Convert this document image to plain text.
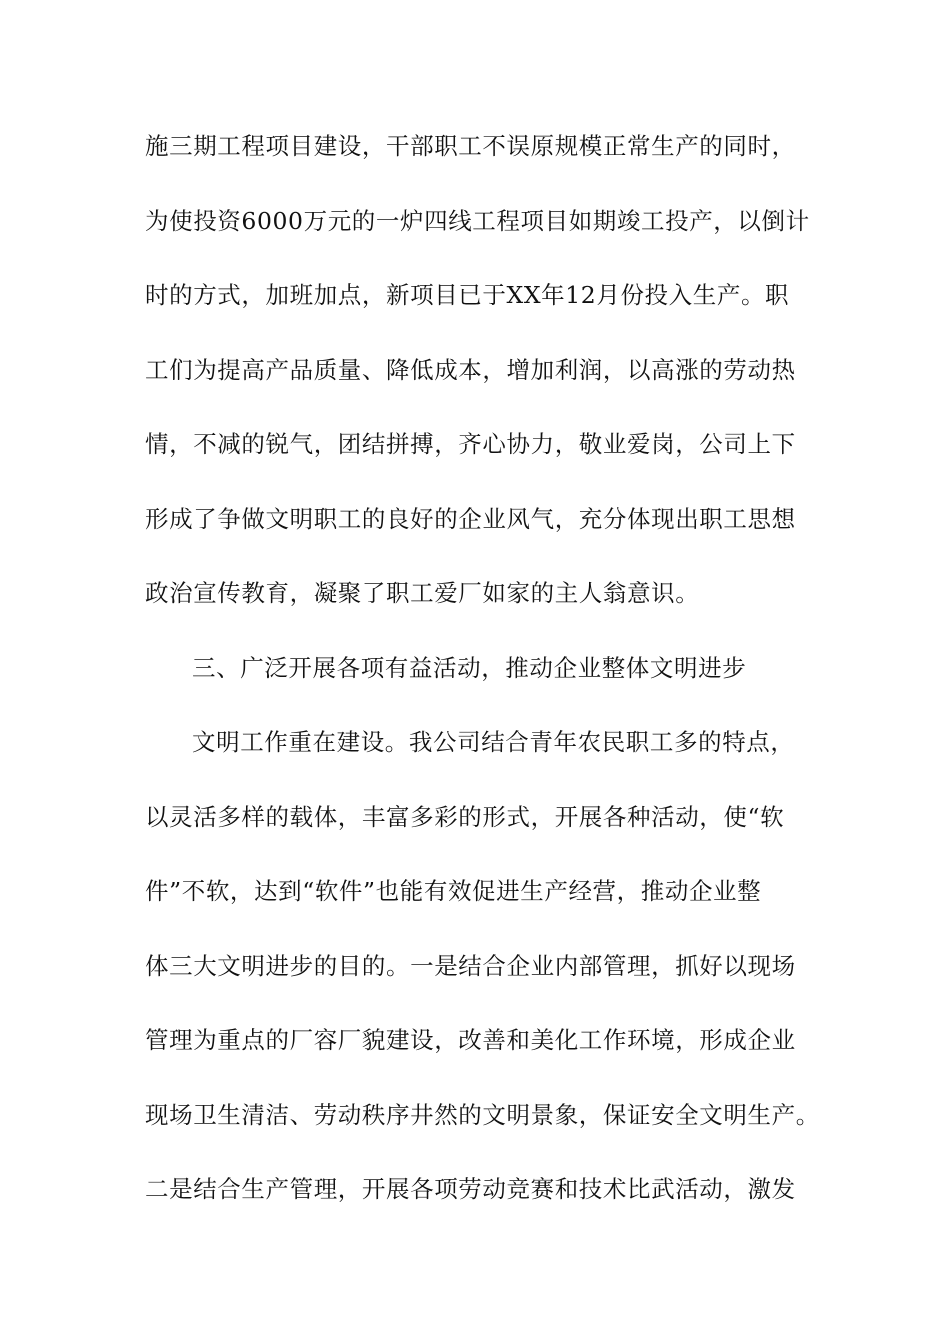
施三期工程项目建设，干部职工不误原规模正常生产的同时，
为使投资6000万元的一炉四线工程项目如期竣工投产，以倒计
时的方式，加班加点，新项目已于XX年12月份投入生产。职
工们为提高产品质量、降低成本，增加利润，以高涨的劳动热
情，不减的锐气，团结拼搏，齐心协力，敬业爱岗，公司上下
形成了争做文明职工的良好的企业风气，充分体现出职工思想
政治宣传教育，凝聚了职工爱厂如家的主人翁意识。
三、广泛开展各项有益活动，推动企业整体文明进步
文明工作重在建设。我公司结合青年农民职工多的特点，
以灵活多样的载体，丰富多彩的形式，开展各种活动，使“软
件”不软，达到“软件”也能有效促进生产经营，推动企业整
体三大文明进步的目的。一是结合企业内部管理，抓好以现场
管理为重点的厂容厂貌建设，改善和美化工作环境，形成企业
现场卫生清洁、劳动秩序井然的文明景象，保证安全文明生产。
二是结合生产管理，开展各项劳动竞赛和技术比武活动，激发
